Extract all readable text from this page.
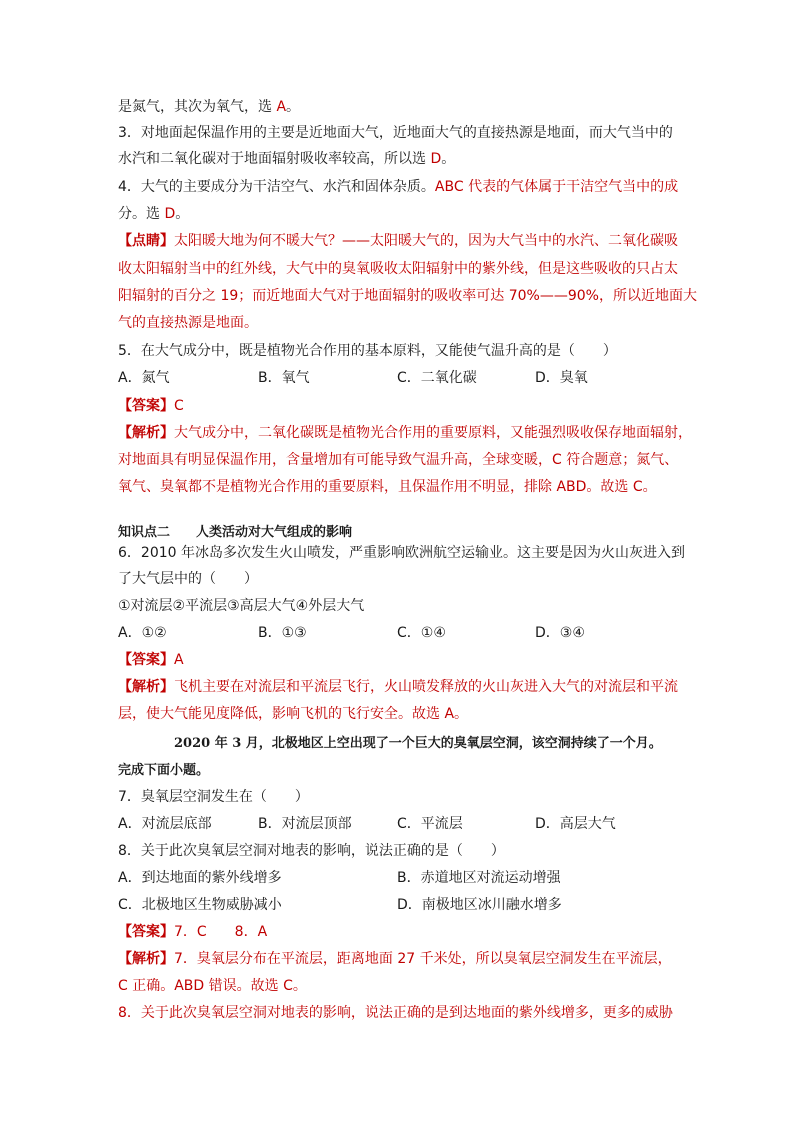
是氮气，其次为氧气，选 A。
3．对地面起保温作用的主要是近地面大气，近地面大气的直接热源是地面，而大气当中的
水汽和二氧化碳对于地面辐射吸收率较高，所以选 D。
4．大气的主要成分为干洁空气、水汽和固体杂质。ABC 代表的气体属于干洁空气当中的成
分。选 D。
【点睛】太阳暖大地为何不暖大气？——太阳暖大气的，因为大气当中的水汽、二氧化碳吸
收太阳辐射当中的红外线，大气中的臭氧吸收太阳辐射中的紫外线，但是这些吸收的只占太
阳辐射的百分之 19；而近地面大气对于地面辐射的吸收率可达 70%——90%，所以近地面大
气的直接热源是地面。
5．在大气成分中，既是植物光合作用的基本原料，又能使气温升高的是（　　）
A．氮气	B．氧气	C．二氧化碳	D．臭氧
【答案】C
【解析】大气成分中，二氧化碳既是植物光合作用的重要原料，又能强烈吸收保存地面辐射，
对地面具有明显保温作用，含量增加有可能导致气温升高，全球变暖，C 符合题意；氮气、
氧气、臭氧都不是植物光合作用的重要原料，且保温作用不明显，排除 ABD。故选 C。
知识点二　　人类活动对大气组成的影响
6．2010 年冰岛多次发生火山喷发，严重影响欧洲航空运输业。这主要是因为火山灰进入到
了大气层中的（　　）
①对流层②平流层③高层大气④外层大气
A．①②	B．①③	C．①④	D．③④
【答案】A
【解析】飞机主要在对流层和平流层飞行，火山喷发释放的火山灰进入大气的对流层和平流
层，使大气能见度降低，影响飞机的飞行安全。故选 A。
2020 年 3 月，北极地区上空出现了一个巨大的臭氧层空洞，该空洞持续了一个月。
完成下面小题。
7．臭氧层空洞发生在（　　）
A．对流层底部	B．对流层顶部	C．平流层	D．高层大气
8．关于此次臭氧层空洞对地表的影响，说法正确的是（　　）
A．到达地面的紫外线增多	B．赤道地区对流运动增强
C．北极地区生物威胁减小	D．南极地区冰川融水增多
【答案】7．C　　8．A
【解析】7．臭氧层分布在平流层，距离地面 27 千米处，所以臭氧层空洞发生在平流层，
C 正确。ABD 错误。故选 C。
8．关于此次臭氧层空洞对地表的影响，说法正确的是到达地面的紫外线增多，更多的威胁
